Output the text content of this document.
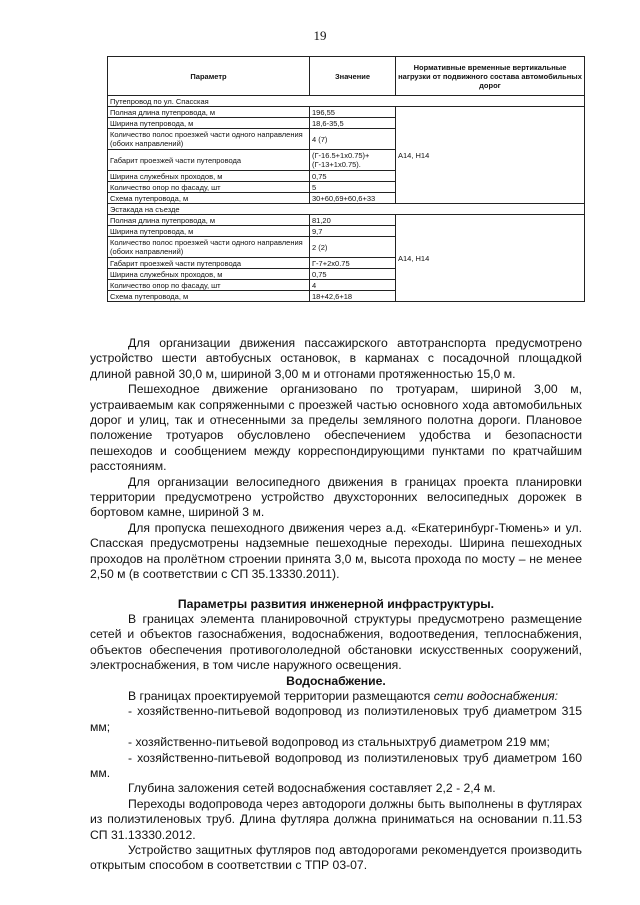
19
Параметр	Значение	Нормативные временные вертикальные нагрузки от подвижного состава автомобильных дорог
Путепровод по ул. Спасская		
Полная длина путепровода, м	196,55	А14, Н14
Ширина путепровода, м	18,6-35,5	
Количество полос проезжей части одного направления (обоих направлений)	4 (7)	
Габарит проезжей части путепровода	(Г-16.5+1х0.75)+ (Г-13+1х0.75).	
Ширина служебных проходов, м	0,75	
Количество опор по фасаду, шт	5	
Схема путепровода, м	30+60,69+60,6+33	
Эстакада на съезде		
Полная длина путепровода, м	81,20	А14, Н14
Ширина путепровода, м	9,7	
Количество полос проезжей части одного направления (обоих направлений)	2 (2)	
Габарит проезжей части путепровода	Г-7+2х0.75	
Ширина служебных проходов, м	0,75	
Количество опор по фасаду, шт	4	
Схема путепровода, м	18+42,6+18	

Для организации движения пассажирского автотранспорта предусмотрено устройство шести автобусных остановок, в карманах с посадочной площадкой длиной равной 30,0 м, шириной 3,00 м и отгонами протяженностью 15,0 м.

Пешеходное движение организовано по тротуарам, шириной 3,00 м, устраиваемым как сопряженными с проезжей частью основного хода автомобильных дорог и улиц, так и отнесенными за пределы земляного полотна дороги. Плановое положение тротуаров обусловлено обеспечением удобства и безопасности пешеходов и сообщением между корреспондирующими пунктами по кратчайшим расстояниям.

Для организации велосипедного движения в границах проекта планировки территории предусмотрено устройство двухсторонних велосипедных дорожек в бортовом камне, шириной 3 м.

Для пропуска пешеходного движения через а.д. «Екатеринбург-Тюмень» и ул. Спасская предусмотрены надземные пешеходные переходы. Ширина пешеходных проходов на пролётном строении принята 3,0 м, высота прохода по мосту – не менее 2,50 м (в соответствии с СП 35.13330.2011).

Параметры развития инженерной инфраструктуры.

В границах элемента планировочной структуры предусмотрено размещение сетей и объектов газоснабжения, водоснабжения, водоотведения, теплоснабжения, объектов обеспечения противогололедной обстановки искусственных сооружений, электроснабжения, в том числе наружного освещения.

Водоснабжение.

В границах проектируемой территории размещаются сети водоснабжения:

- хозяйственно-питьевой водопровод из полиэтиленовых труб диаметром 315 мм;

- хозяйственно-питьевой водопровод из стальныхтруб диаметром 219 мм;

- хозяйственно-питьевой водопровод из полиэтиленовых труб диаметром 160 мм.

Глубина заложения сетей водоснабжения составляет 2,2 - 2,4 м.

Переходы водопровода через автодороги должны быть выполнены в футлярах из полиэтиленовых труб. Длина футляра должна приниматься на основании п.11.53 СП 31.13330.2012.

Устройство защитных футляров под автодорогами рекомендуется производить открытым способом в соответствии с ТПР 03-07.
